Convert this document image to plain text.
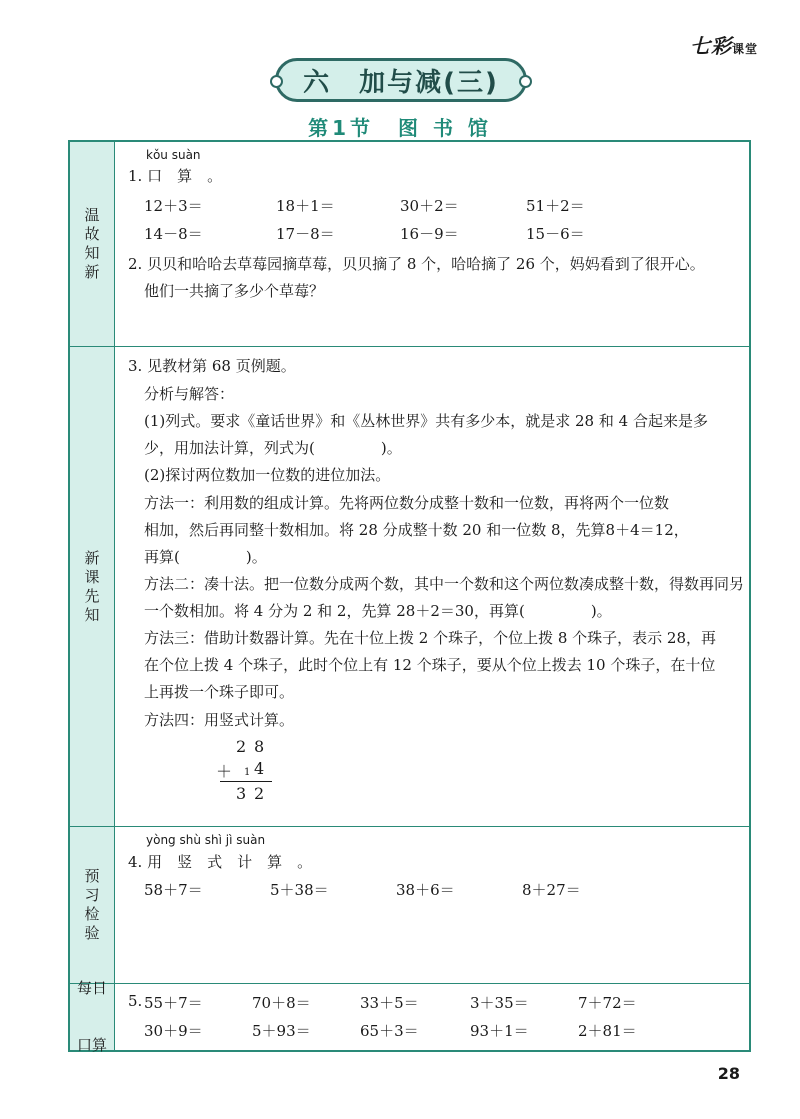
七彩课堂
六　加与减(三)
第1节　图 书 馆
温故知新
kǒu suàn
1. 口　算　。
12＋3＝	18＋1＝	30＋2＝	51＋2＝
14－8＝	17－8＝	16－9＝	15－6＝
2. 贝贝和哈哈去草莓园摘草莓，贝贝摘了 8 个，哈哈摘了 26 个，妈妈看到了很开心。
他们一共摘了多少个草莓？
新课先知
3. 见教材第 68 页例题。
分析与解答：
(1)列式。要求《童话世界》和《丛林世界》共有多少本，就是求 28 和 4 合起来是多
少，用加法计算，列式为(	)。
(2)探讨两位数加一位数的进位加法。
方法一：利用数的组成计算。先将两位数分成整十数和一位数，再将两个一位数
相加，然后再同整十数相加。将 28 分成整十数 20 和一位数 8，先算8＋4＝12，
再算(	)。
方法二：凑十法。把一位数分成两个数，其中一个数和这个两位数凑成整十数，得数再同另
一个数相加。将 4 分为 2 和 2，先算 28＋2＝30，再算(	)。
方法三：借助计数器计算。先在十位上拨 2 个珠子，个位上拨 8 个珠子，表示 28，再
在个位上拨 4 个珠子，此时个位上有 12 个珠子，要从个位上拨去 10 个珠子，在十位
上再拨一个珠子即可。
方法四：用竖式计算。
2 8
＋ 1 4
3 2
预习检验
yòng shù shì jì suàn
4. 用　竖　式　计　算　。
58＋7＝	5＋38＝	38＋6＝	8＋27＝
每日

口算
5. 55＋7＝	70＋8＝	33＋5＝	3＋35＝	7＋72＝
30＋9＝	5＋93＝	65＋3＝	93＋1＝	2＋81＝
28
